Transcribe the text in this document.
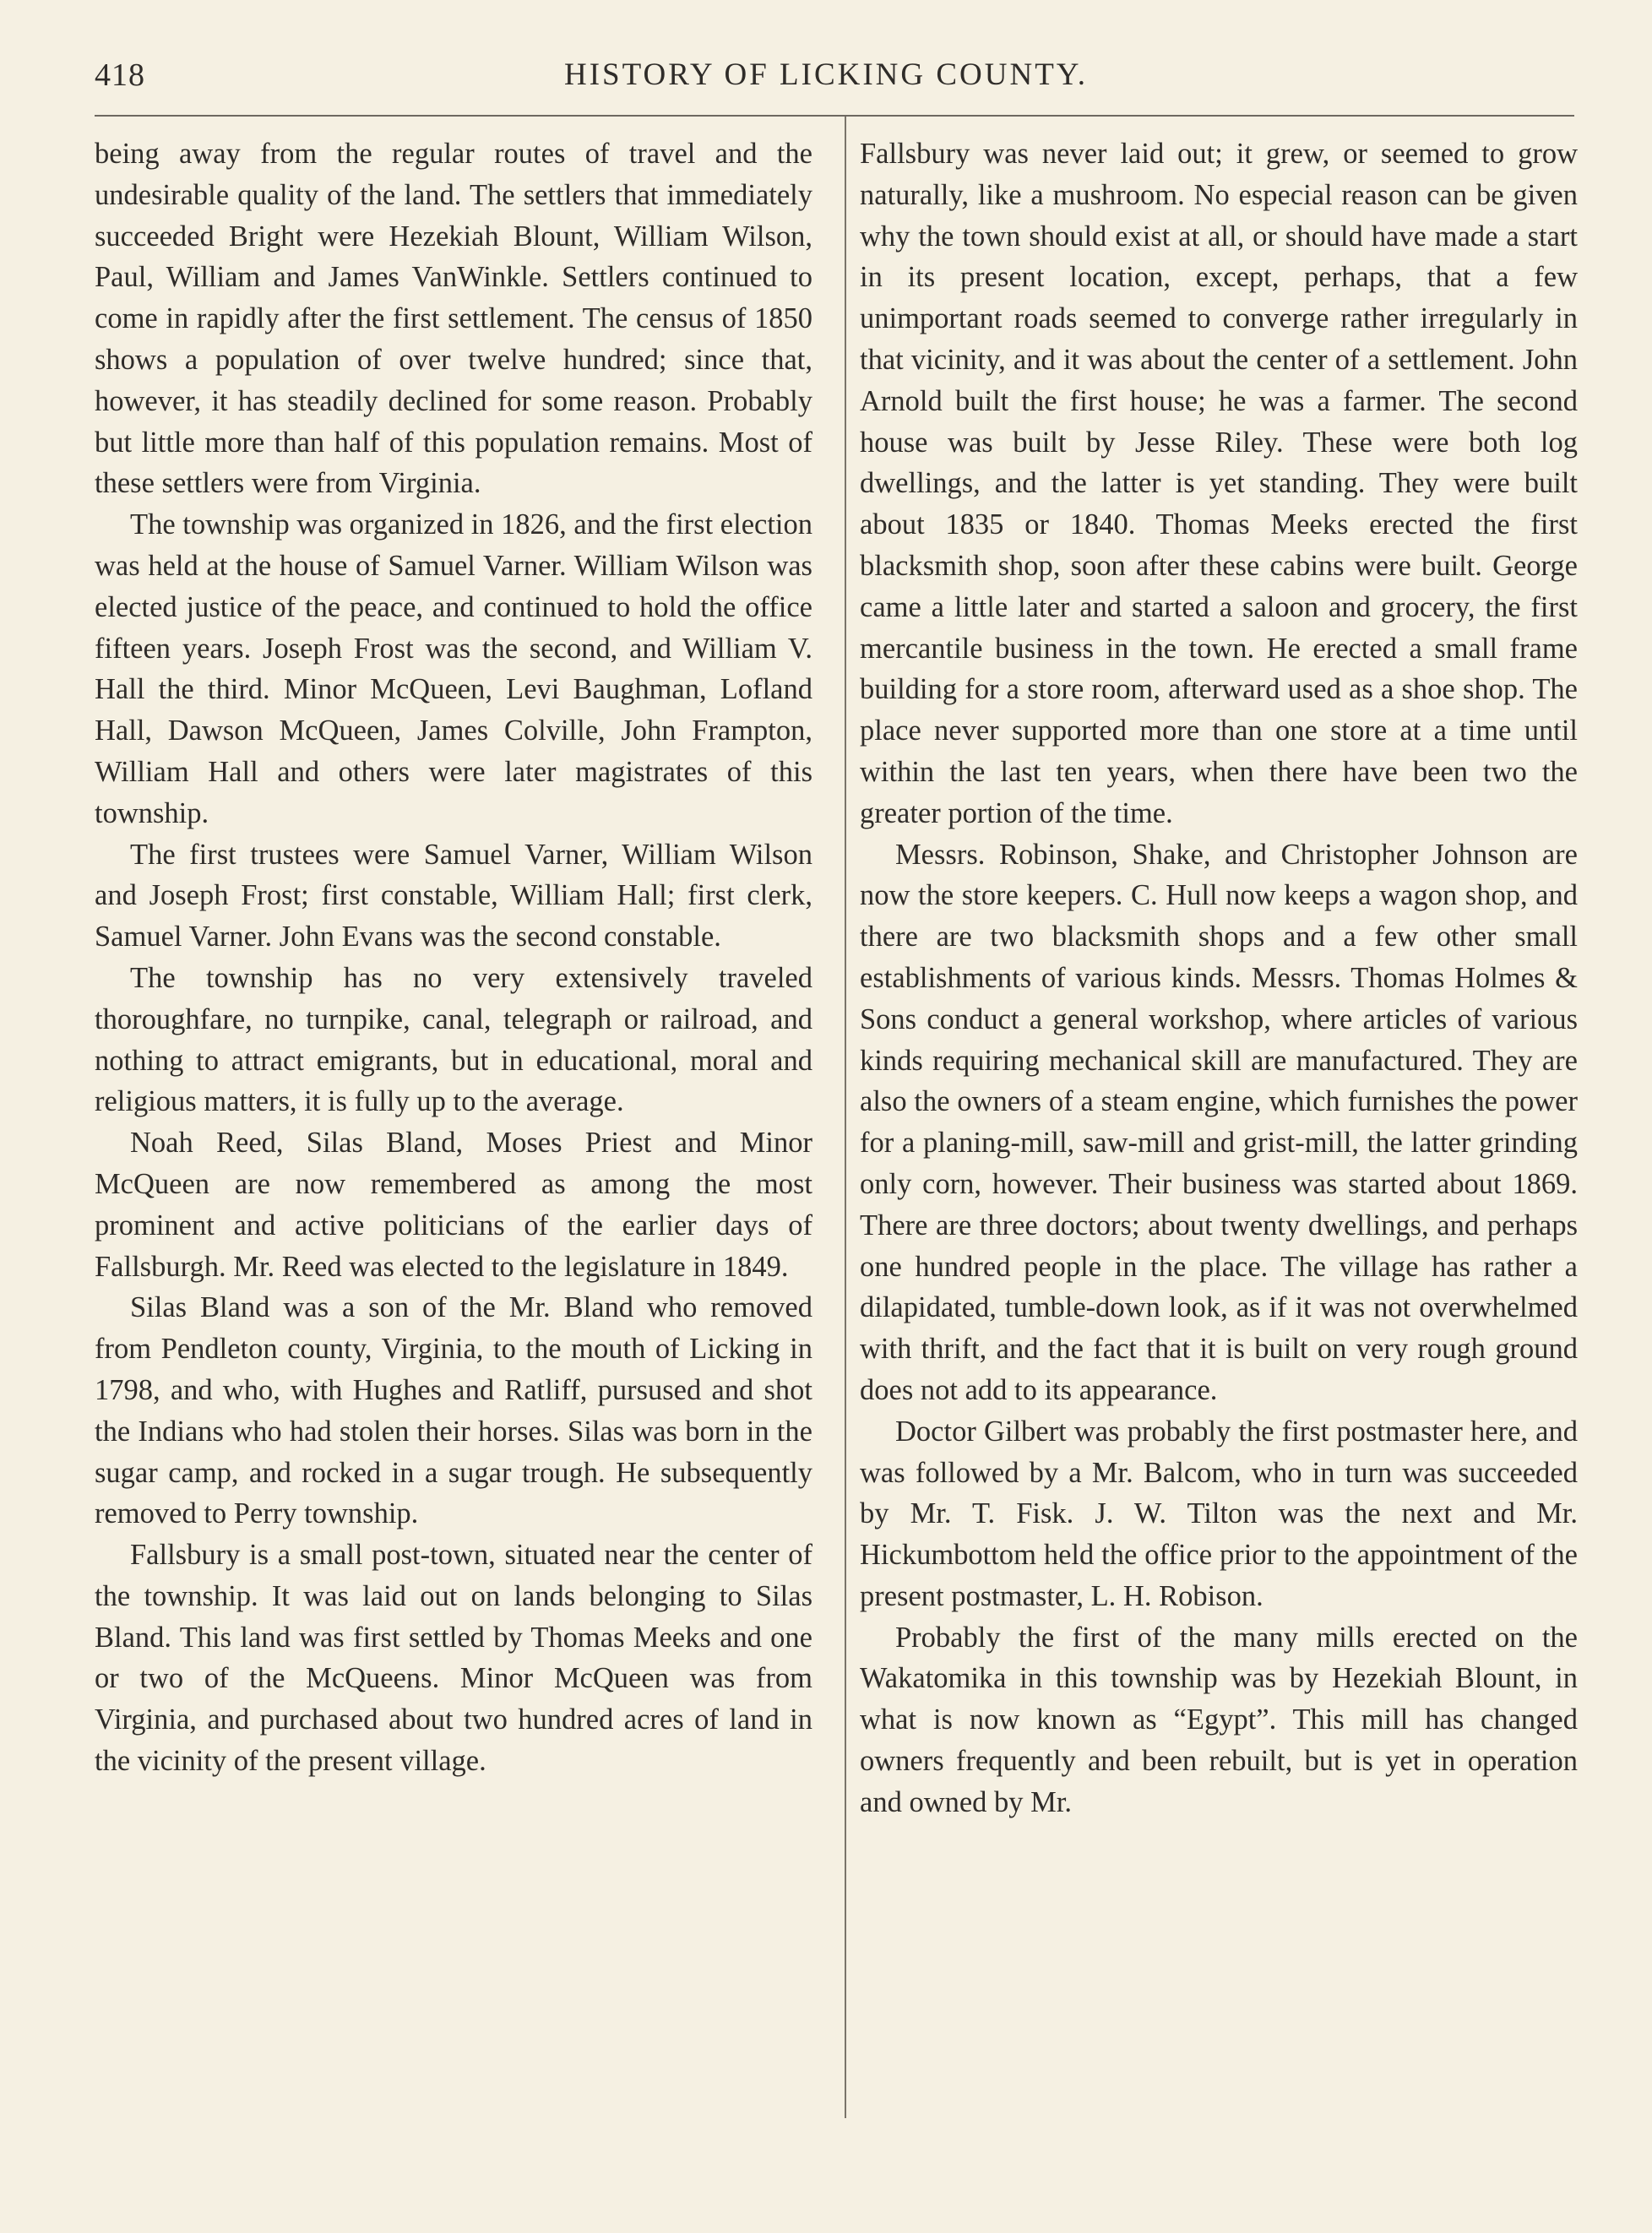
418	HISTORY OF LICKING COUNTY.

being away from the regular routes of travel and the undesirable quality of the land. The settlers that immediately succeeded Bright were Hezekiah Blount, William Wilson, Paul, William and James VanWinkle. Settlers continued to come in rapidly after the first settlement. The census of 1850 shows a population of over twelve hundred; since that, however, it has steadily declined for some reason. Probably but little more than half of this population remains. Most of these settlers were from Virginia.

The township was organized in 1826, and the first election was held at the house of Samuel Varner. William Wilson was elected justice of the peace, and continued to hold the office fifteen years. Joseph Frost was the second, and William V. Hall the third. Minor McQueen, Levi Baughman, Lofland Hall, Dawson McQueen, James Colville, John Frampton, William Hall and others were later magistrates of this township.

The first trustees were Samuel Varner, William Wilson and Joseph Frost; first constable, William Hall; first clerk, Samuel Varner. John Evans was the second constable.

The township has no very extensively traveled thoroughfare, no turnpike, canal, telegraph or railroad, and nothing to attract emigrants, but in educational, moral and religious matters, it is fully up to the average.

Noah Reed, Silas Bland, Moses Priest and Minor McQueen are now remembered as among the most prominent and active politicians of the earlier days of Fallsburgh. Mr. Reed was elected to the legislature in 1849.

Silas Bland was a son of the Mr. Bland who removed from Pendleton county, Virginia, to the mouth of Licking in 1798, and who, with Hughes and Ratliff, pursused and shot the Indians who had stolen their horses. Silas was born in the sugar camp, and rocked in a sugar trough. He subsequently removed to Perry township.

Fallsbury is a small post-town, situated near the center of the township. It was laid out on lands belonging to Silas Bland. This land was first settled by Thomas Meeks and one or two of the McQueens. Minor McQueen was from Virginia, and purchased about two hundred acres of land in the vicinity of the present village.

Fallsbury was never laid out; it grew, or seemed to grow naturally, like a mushroom. No especial reason can be given why the town should exist at all, or should have made a start in its present location, except, perhaps, that a few unimportant roads seemed to converge rather irregularly in that vicinity, and it was about the center of a settlement. John Arnold built the first house; he was a farmer. The second house was built by Jesse Riley. These were both log dwellings, and the latter is yet standing. They were built about 1835 or 1840. Thomas Meeks erected the first blacksmith shop, soon after these cabins were built. George came a little later and started a saloon and grocery, the first mercantile business in the town. He erected a small frame building for a store room, afterward used as a shoe shop. The place never supported more than one store at a time until within the last ten years, when there have been two the greater portion of the time.

Messrs. Robinson, Shake, and Christopher Johnson are now the store keepers. C. Hull now keeps a wagon shop, and there are two blacksmith shops and a few other small establishments of various kinds. Messrs. Thomas Holmes & Sons conduct a general workshop, where articles of various kinds requiring mechanical skill are manufactured. They are also the owners of a steam engine, which furnishes the power for a planing-mill, saw-mill and grist-mill, the latter grinding only corn, however. Their business was started about 1869. There are three doctors; about twenty dwellings, and perhaps one hundred people in the place. The village has rather a dilapidated, tumble-down look, as if it was not overwhelmed with thrift, and the fact that it is built on very rough ground does not add to its appearance.

Doctor Gilbert was probably the first postmaster here, and was followed by a Mr. Balcom, who in turn was succeeded by Mr. T. Fisk. J. W. Tilton was the next and Mr. Hickumbottom held the office prior to the appointment of the present postmaster, L. H. Robison.

Probably the first of the many mills erected on the Wakatomika in this township was by Hezekiah Blount, in what is now known as “Egypt”. This mill has changed owners frequently and been rebuilt, but is yet in operation and owned by Mr.
